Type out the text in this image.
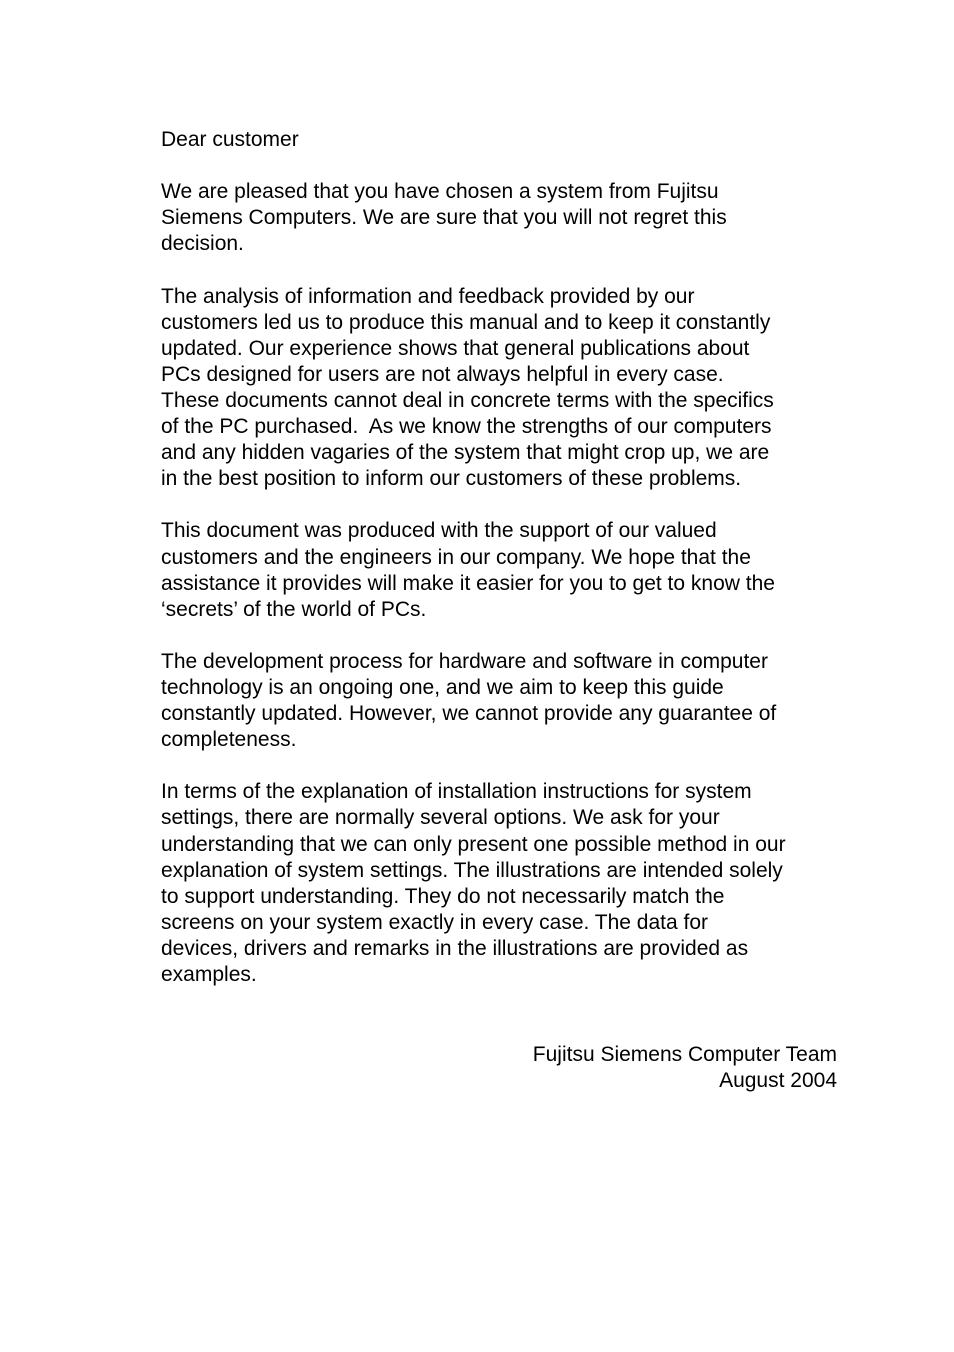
Dear customer

We are pleased that you have chosen a system from Fujitsu
Siemens Computers. We are sure that you will not regret this
decision.

The analysis of information and feedback provided by our
customers led us to produce this manual and to keep it constantly
updated. Our experience shows that general publications about
PCs designed for users are not always helpful in every case.
These documents cannot deal in concrete terms with the specifics
of the PC purchased.  As we know the strengths of our computers
and any hidden vagaries of the system that might crop up, we are
in the best position to inform our customers of these problems.

This document was produced with the support of our valued
customers and the engineers in our company. We hope that the
assistance it provides will make it easier for you to get to know the
‘secrets’ of the world of PCs.

The development process for hardware and software in computer
technology is an ongoing one, and we aim to keep this guide
constantly updated. However, we cannot provide any guarantee of
completeness.

In terms of the explanation of installation instructions for system
settings, there are normally several options. We ask for your
understanding that we can only present one possible method in our
explanation of system settings. The illustrations are intended solely
to support understanding. They do not necessarily match the
screens on your system exactly in every case. The data for
devices, drivers and remarks in the illustrations are provided as
examples.

Fujitsu Siemens Computer Team
August 2004
